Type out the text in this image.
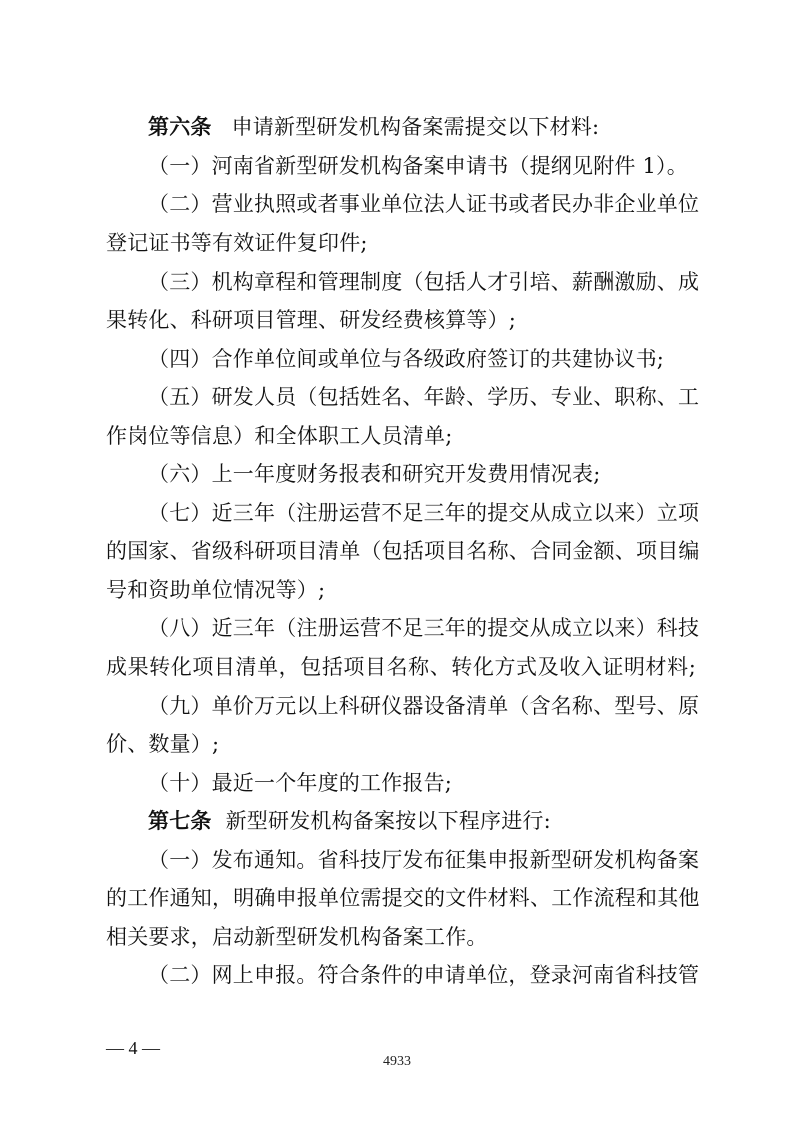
第六条 申请新型研发机构备案需提交以下材料:
（一）河南省新型研发机构备案申请书（提纲见附件 1）。
（二）营业执照或者事业单位法人证书或者民办非企业单位
登记证书等有效证件复印件;
（三）机构章程和管理制度（包括人才引培、薪酬激励、成
果转化、科研项目管理、研发经费核算等）;
（四）合作单位间或单位与各级政府签订的共建协议书;
（五）研发人员（包括姓名、年龄、学历、专业、职称、工
作岗位等信息）和全体职工人员清单;
（六）上一年度财务报表和研究开发费用情况表;
（七）近三年（注册运营不足三年的提交从成立以来）立项
的国家、省级科研项目清单（包括项目名称、合同金额、项目编
号和资助单位情况等）;
（八）近三年（注册运营不足三年的提交从成立以来）科技
成果转化项目清单，包括项目名称、转化方式及收入证明材料;
（九）单价万元以上科研仪器设备清单（含名称、型号、原
价、数量）;
（十）最近一个年度的工作报告;
第七条 新型研发机构备案按以下程序进行:
（一）发布通知。省科技厅发布征集申报新型研发机构备案
的工作通知，明确申报单位需提交的文件材料、工作流程和其他
相关要求，启动新型研发机构备案工作。
（二）网上申报。符合条件的申请单位，登录河南省科技管
— 4 —
4933
